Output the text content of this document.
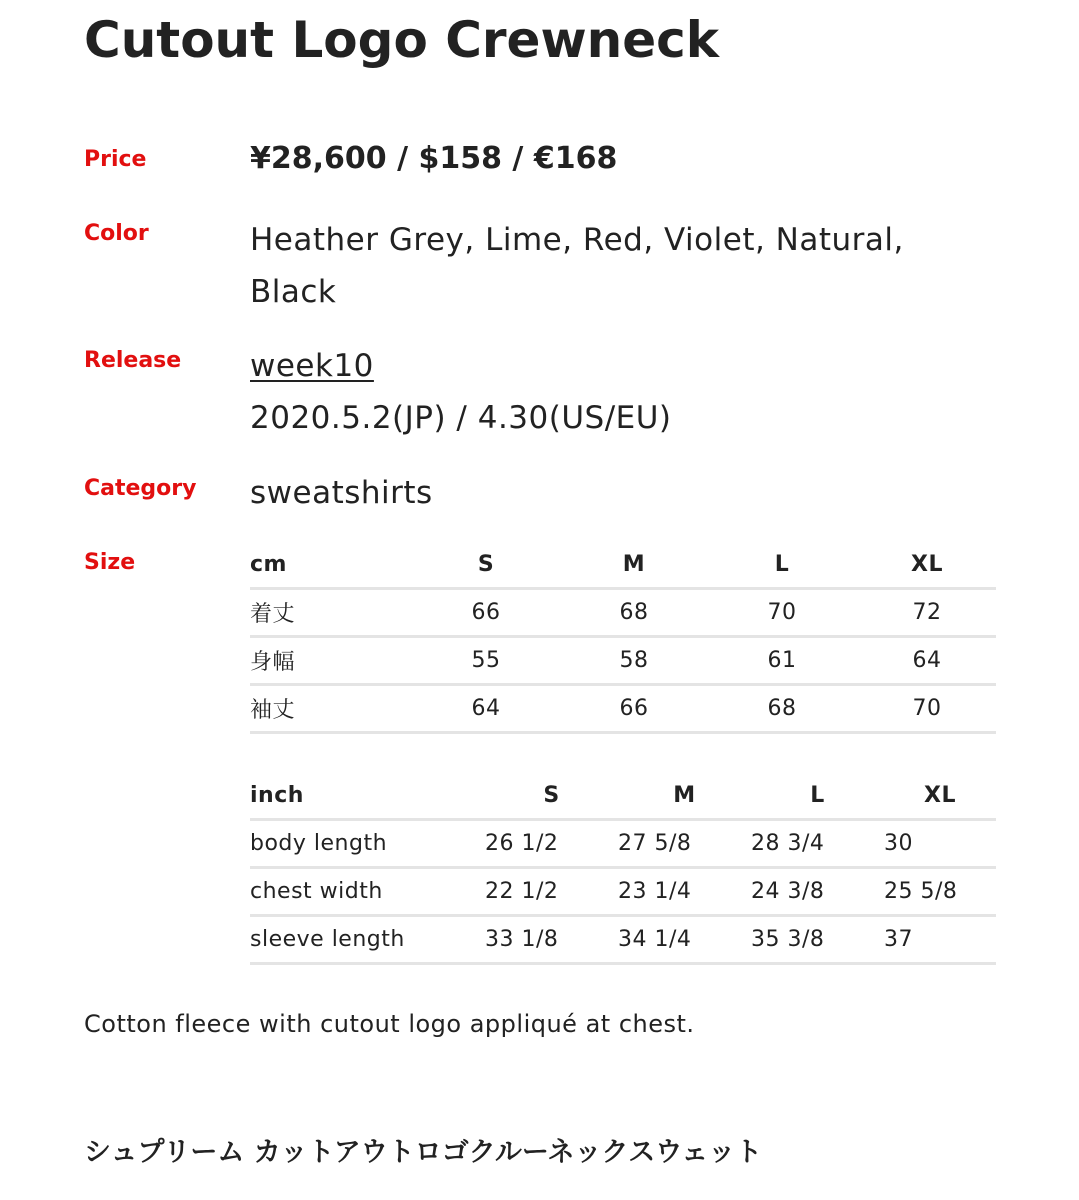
Cutout Logo Crewneck
Price	¥28,600 / $158 / €168
Color	Heather Grey, Lime, Red, Violet, Natural, Black
Release week10
2020.5.2(JP) / 4.30(US/EU)
Category sweatshirts
Size	cm	S	M	L	XL
着丈	66	68	70	72
身幅	55	58	61	64
袖丈	64	66	68	70
inch	S	M	L	XL
body length	26 1/2	27 5/8	28 3/4	30
chest width	22 1/2	23 1/4	24 3/8	25 5/8
sleeve length	33 1/8	34 1/4	35 3/8	37
Cotton fleece with cutout logo appliqué at chest.
シュプリーム カットアウトロゴクルーネックスウェット
